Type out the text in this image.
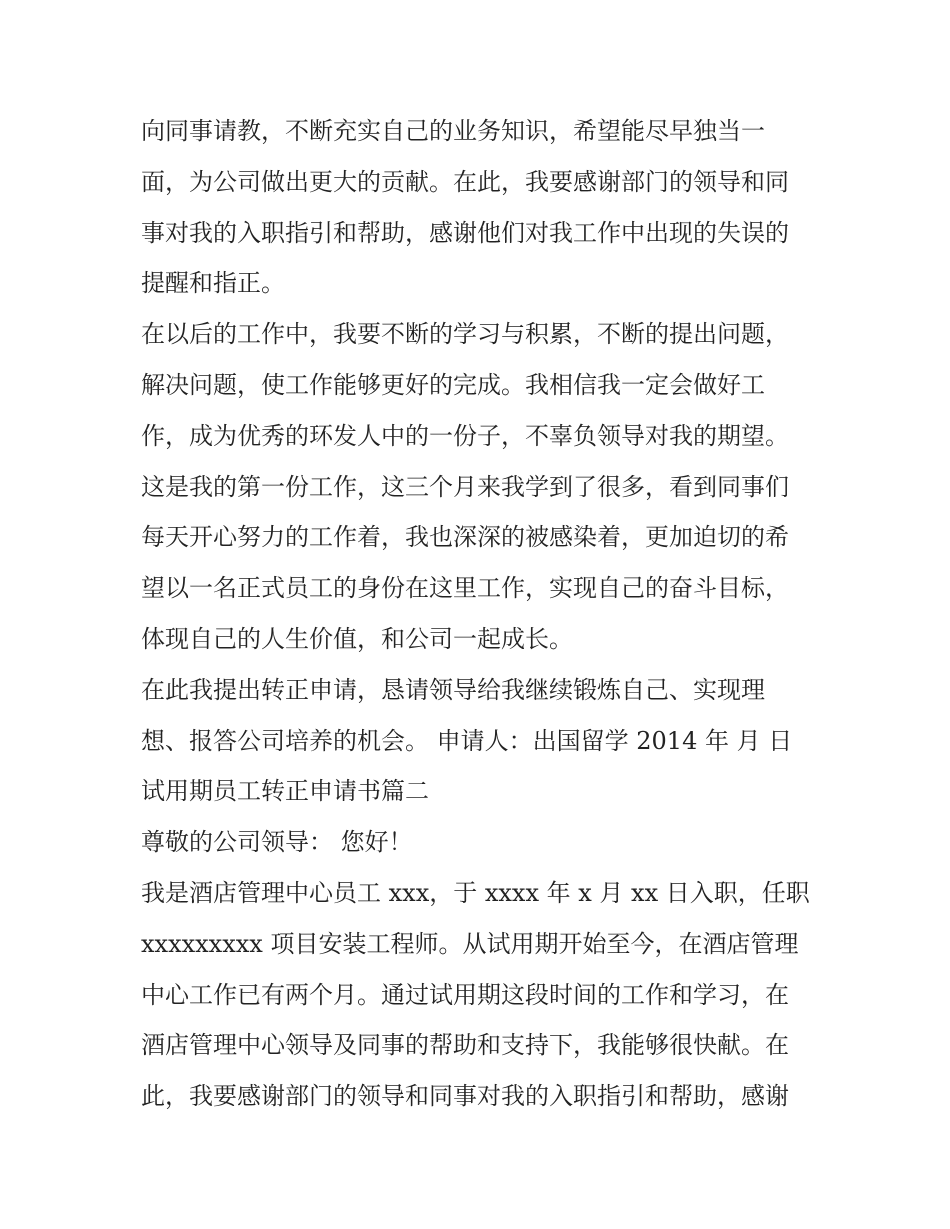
向同事请教，不断充实自己的业务知识，希望能尽早独当一
面，为公司做出更大的贡献。在此，我要感谢部门的领导和同
事对我的入职指引和帮助，感谢他们对我工作中出现的失误的
提醒和指正。
在以后的工作中，我要不断的学习与积累，不断的提出问题，
解决问题，使工作能够更好的完成。我相信我一定会做好工
作，成为优秀的环发人中的一份子，不辜负领导对我的期望。
这是我的第一份工作，这三个月来我学到了很多，看到同事们
每天开心努力的工作着，我也深深的被感染着，更加迫切的希
望以一名正式员工的身份在这里工作，实现自己的奋斗目标，
体现自己的人生价值，和公司一起成长。
在此我提出转正申请，恳请领导给我继续锻炼自己、实现理
想、报答公司培养的机会。 申请人：出国留学 2014 年 月 日
试用期员工转正申请书篇二
尊敬的公司领导： 您好！
我是酒店管理中心员工 xxx，于 xxxx 年 x 月 xx 日入职，任职
xxxxxxxxx 项目安装工程师。从试用期开始至今，在酒店管理
中心工作已有两个月。通过试用期这段时间的工作和学习，在
酒店管理中心领导及同事的帮助和支持下，我能够很快献。在
此，我要感谢部门的领导和同事对我的入职指引和帮助，感谢
